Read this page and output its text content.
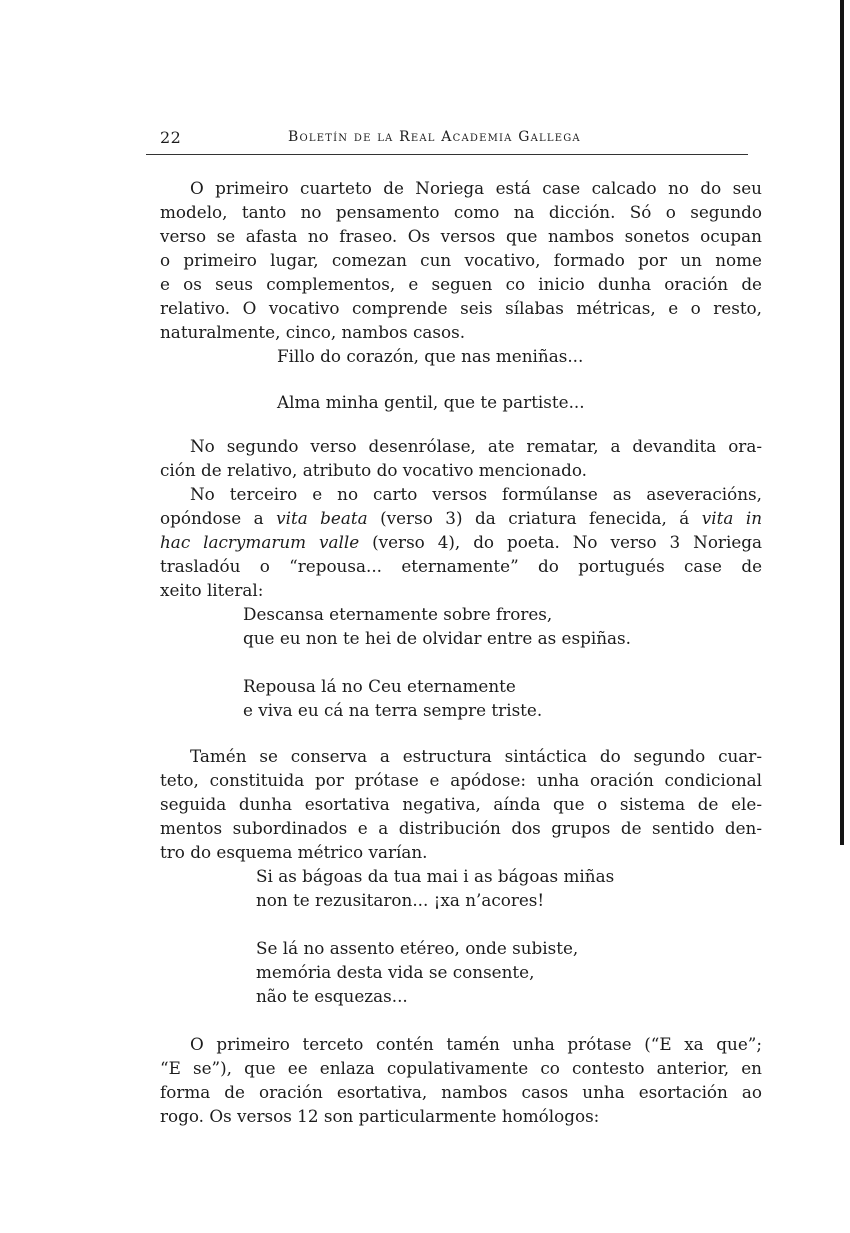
22	Boletín de la Real Academia Gallega
O primeiro cuarteto de Noriega está case calcado no do seu
modelo, tanto no pensamento como na dicción. Só o segundo
verso se afasta no fraseo. Os versos que nambos sonetos ocupan
o primeiro lugar, comezan cun vocativo, formado por un nome
e os seus complementos, e seguen co inicio dunha oración de
relativo. O vocativo comprende seis sílabas métricas, e o resto,
naturalmente, cinco, nambos casos.
Fillo do corazón, que nas meniñas...
Alma minha gentil, que te partiste...
No segundo verso desenrólase, ate rematar, a devandita ora-
ción de relativo, atributo do vocativo mencionado.
No terceiro e no carto versos formúlanse as aseveracións,
opóndose a vita beata (verso 3) da criatura fenecida, á vita in
hac lacrymarum valle (verso 4), do poeta. No verso 3 Noriega
trasladóu o “repousa... eternamente” do portugués case de
xeito literal:
Descansa eternamente sobre frores,
que eu non te hei de olvidar entre as espiñas.
Repousa lá no Ceu eternamente
e viva eu cá na terra sempre triste.
Tamén se conserva a estructura sintáctica do segundo cuar-
teto, constituida por prótase e apódose: unha oración condicional
seguida dunha esortativa negativa, aínda que o sistema de ele-
mentos subordinados e a distribución dos grupos de sentido den-
tro do esquema métrico varían.
Si as bágoas da tua mai i as bágoas miñas
non te rezusitaron... ¡xa n’acores!
Se lá no assento etéreo, onde subiste,
memória desta vida se consente,
não te esquezas...
O primeiro terceto contén tamén unha prótase (“E xa que”;
“E se”), que ee enlaza copulativamente co contesto anterior, en
forma de oración esortativa, nambos casos unha esortación ao
rogo. Os versos 12 son particularmente homólogos:
